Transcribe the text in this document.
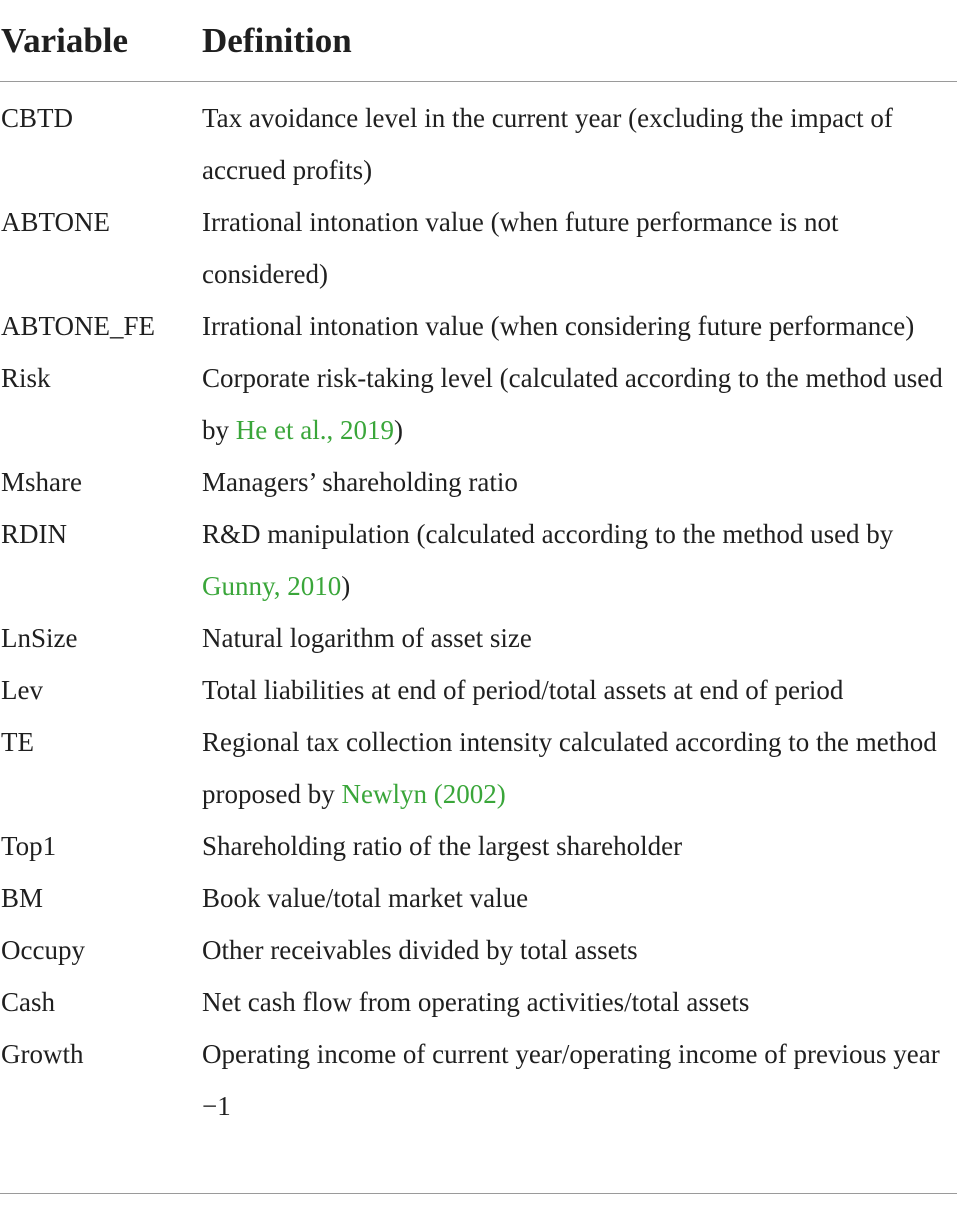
Variable	Definition
CBTD	Tax avoidance level in the current year (excluding the impact of accrued profits)
ABTONE	Irrational intonation value (when future performance is not considered)
ABTONE_FE	Irrational intonation value (when considering future performance)
Risk	Corporate risk-taking level (calculated according to the method used by He et al., 2019)
Mshare	Managers’ shareholding ratio
RDIN	R&D manipulation (calculated according to the method used by Gunny, 2010)
LnSize	Natural logarithm of asset size
Lev	Total liabilities at end of period/total assets at end of period
TE	Regional tax collection intensity calculated according to the method proposed by Newlyn (2002)
Top1	Shareholding ratio of the largest shareholder
BM	Book value/total market value
Occupy	Other receivables divided by total assets
Cash	Net cash flow from operating activities/total assets
Growth	Operating income of current year/operating income of previous year −1
